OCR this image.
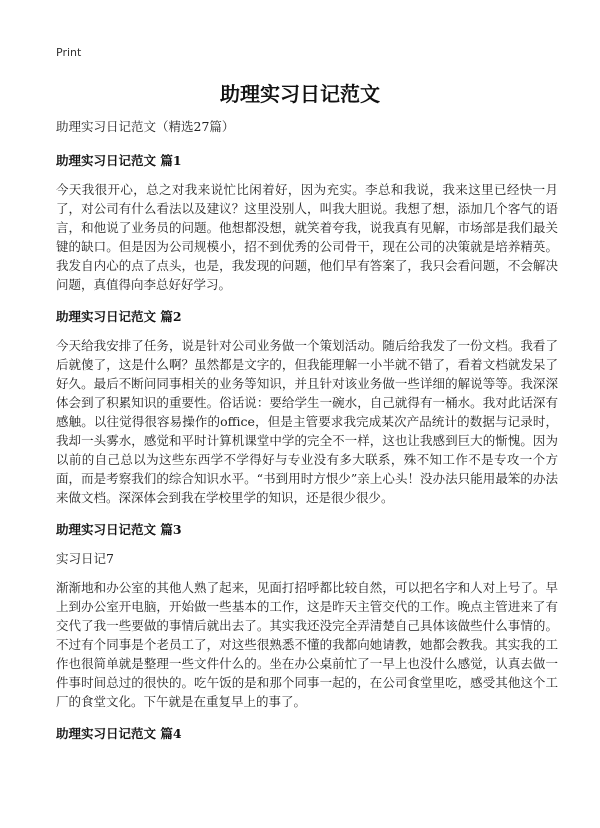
Print
助理实习日记范文

助理实习日记范文（精选27篇）

助理实习日记范文 篇1

今天我很开心，总之对我来说忙比闲着好，因为充实。李总和我说，我来这里已经快一月了，对公司有什么看法以及建议？这里没别人，叫我大胆说。我想了想，添加几个客气的语言，和他说了业务员的问题。他想都没想，就笑着夸我，说我真有见解，市场部是我们最关键的缺口。但是因为公司规模小，招不到优秀的公司骨干，现在公司的决策就是培养精英。我发自内心的点了点头，也是，我发现的问题，他们早有答案了，我只会看问题，不会解决问题，真值得向李总好好学习。

助理实习日记范文 篇2

今天给我安排了任务，说是针对公司业务做一个策划活动。随后给我发了一份文档。我看了后就傻了，这是什么啊？虽然都是文字的，但我能理解一小半就不错了，看着文档就发呆了好久。最后不断问同事相关的业务等知识，并且针对该业务做一些详细的解说等等。我深深体会到了积累知识的重要性。俗话说：要给学生一碗水，自己就得有一桶水。我对此话深有感触。以往觉得很容易操作的office，但是主管要求我完成某次产品统计的数据与记录时，我却一头雾水，感觉和平时计算机课堂中学的完全不一样，这也让我感到巨大的惭愧。因为以前的自己总以为这些东西学不学得好与专业没有多大联系，殊不知工作不是专攻一个方面，而是考察我们的综合知识水平。“书到用时方恨少”亲上心头！没办法只能用最笨的办法来做文档。深深体会到我在学校里学的知识，还是很少很少。

助理实习日记范文 篇3

实习日记7

渐渐地和办公室的其他人熟了起来，见面打招呼都比较自然，可以把名字和人对上号了。早上到办公室开电脑，开始做一些基本的工作，这是昨天主管交代的工作。晚点主管进来了有交代了我一些要做的事情后就出去了。其实我还没完全弄清楚自己具体该做些什么事情的。不过有个同事是个老员工了，对这些很熟悉不懂的我都向她请教，她都会教我。其实我的工作也很简单就是整理一些文件什么的。坐在办公桌前忙了一早上也没什么感觉，认真去做一件事时间总过的很快的。吃午饭的是和那个同事一起的，在公司食堂里吃，感受其他这个工厂的食堂文化。下午就是在重复早上的事了。

助理实习日记范文 篇4
